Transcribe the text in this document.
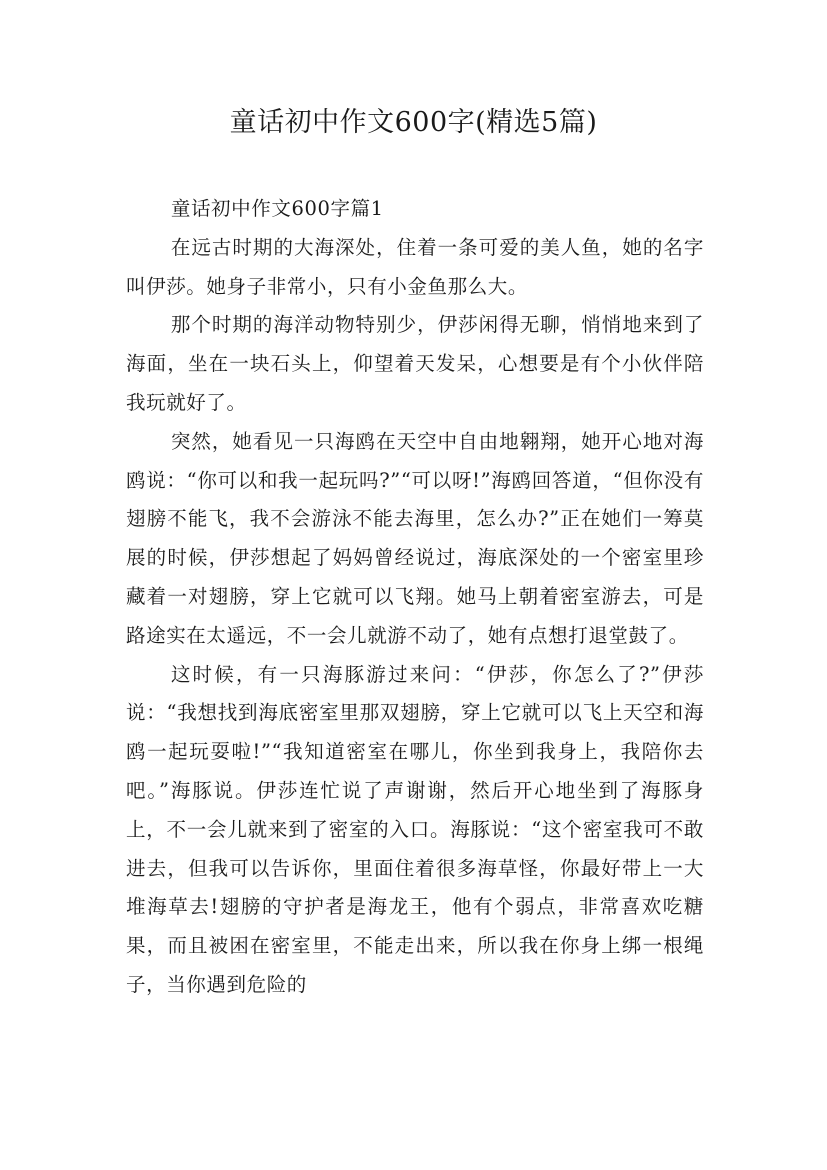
童话初中作文600字(精选5篇)

童话初中作文600字篇1

在远古时期的大海深处，住着一条可爱的美人鱼，她的名字叫伊莎。她身子非常小，只有小金鱼那么大。

那个时期的海洋动物特别少，伊莎闲得无聊，悄悄地来到了海面，坐在一块石头上，仰望着天发呆，心想要是有个小伙伴陪我玩就好了。

突然，她看见一只海鸥在天空中自由地翱翔，她开心地对海鸥说：“你可以和我一起玩吗?”“可以呀!”海鸥回答道，“但你没有翅膀不能飞，我不会游泳不能去海里，怎么办?”正在她们一筹莫展的时候，伊莎想起了妈妈曾经说过，海底深处的一个密室里珍藏着一对翅膀，穿上它就可以飞翔。她马上朝着密室游去，可是路途实在太遥远，不一会儿就游不动了，她有点想打退堂鼓了。

这时候，有一只海豚游过来问：“伊莎，你怎么了?”伊莎说：“我想找到海底密室里那双翅膀，穿上它就可以飞上天空和海鸥一起玩耍啦!”“我知道密室在哪儿，你坐到我身上，我陪你去吧。”海豚说。伊莎连忙说了声谢谢，然后开心地坐到了海豚身上，不一会儿就来到了密室的入口。海豚说：“这个密室我可不敢进去，但我可以告诉你，里面住着很多海草怪，你最好带上一大堆海草去!翅膀的守护者是海龙王，他有个弱点，非常喜欢吃糖果，而且被困在密室里，不能走出来，所以我在你身上绑一根绳子，当你遇到危险的
